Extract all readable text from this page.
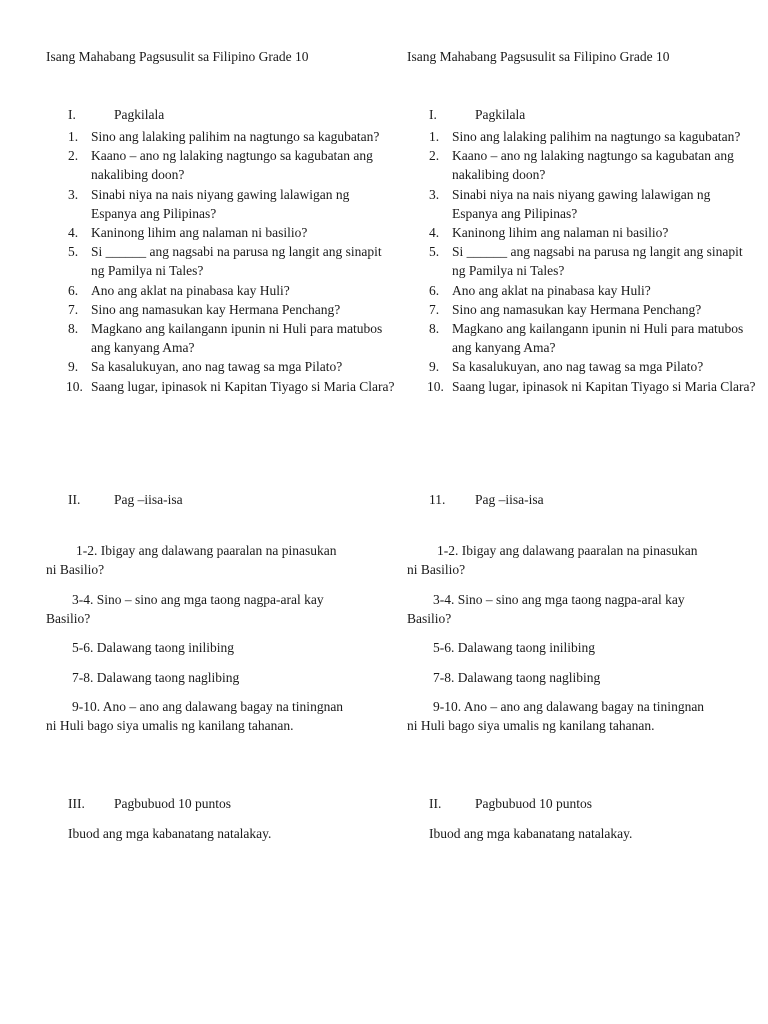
Isang Mahabang Pagsusulit sa Filipino Grade 10
I.	Pagkilala
1. Sino ang lalaking palihim na nagtungo sa kagubatan?
2. Kaano – ano ng lalaking nagtungo sa kagubatan ang nakalibing doon?
3. Sinabi niya na nais niyang gawing lalawigan ng Espanya ang Pilipinas?
4. Kaninong lihim ang nalaman ni basilio?
5. Si ______ ang nagsabi na parusa ng langit ang sinapit ng Pamilya ni Tales?
6. Ano ang aklat na pinabasa kay Huli?
7. Sino ang namasukan kay Hermana Penchang?
8. Magkano ang kailangann ipunin ni Huli para matubos ang kanyang Ama?
9. Sa kasalukuyan, ano nag tawag sa mga Pilato?
10. Saang lugar, ipinasok ni Kapitan Tiyago si Maria Clara?
II. Pag –iisa-isa
1-2. Ibigay ang dalawang paaralan na pinasukan ni Basilio?
3-4. Sino – sino ang mga taong nagpa-aral kay Basilio?
5-6. Dalawang taong inilibing
7-8. Dalawang taong naglibing
9-10. Ano – ano ang dalawang bagay na tiningnan ni Huli bago siya umalis ng kanilang tahanan.
III. Pagbubuod 10 puntos
Ibuod ang mga kabanatang natalakay.
Isang Mahabang Pagsusulit sa Filipino Grade 10
I.	Pagkilala
1. Sino ang lalaking palihim na nagtungo sa kagubatan?
2. Kaano – ano ng lalaking nagtungo sa kagubatan ang nakalibing doon?
3. Sinabi niya na nais niyang gawing lalawigan ng Espanya ang Pilipinas?
4. Kaninong lihim ang nalaman ni basilio?
5. Si ______ ang nagsabi na parusa ng langit ang sinapit ng Pamilya ni Tales?
6. Ano ang aklat na pinabasa kay Huli?
7. Sino ang namasukan kay Hermana Penchang?
8. Magkano ang kailangann ipunin ni Huli para matubos ang kanyang Ama?
9. Sa kasalukuyan, ano nag tawag sa mga Pilato?
10. Saang lugar, ipinasok ni Kapitan Tiyago si Maria Clara?
11. Pag –iisa-isa
1-2. Ibigay ang dalawang paaralan na pinasukan ni Basilio?
3-4. Sino – sino ang mga taong nagpa-aral kay Basilio?
5-6. Dalawang taong inilibing
7-8. Dalawang taong naglibing
9-10. Ano – ano ang dalawang bagay na tiningnan ni Huli bago siya umalis ng kanilang tahanan.
II. Pagbubuod 10 puntos
Ibuod ang mga kabanatang natalakay.
